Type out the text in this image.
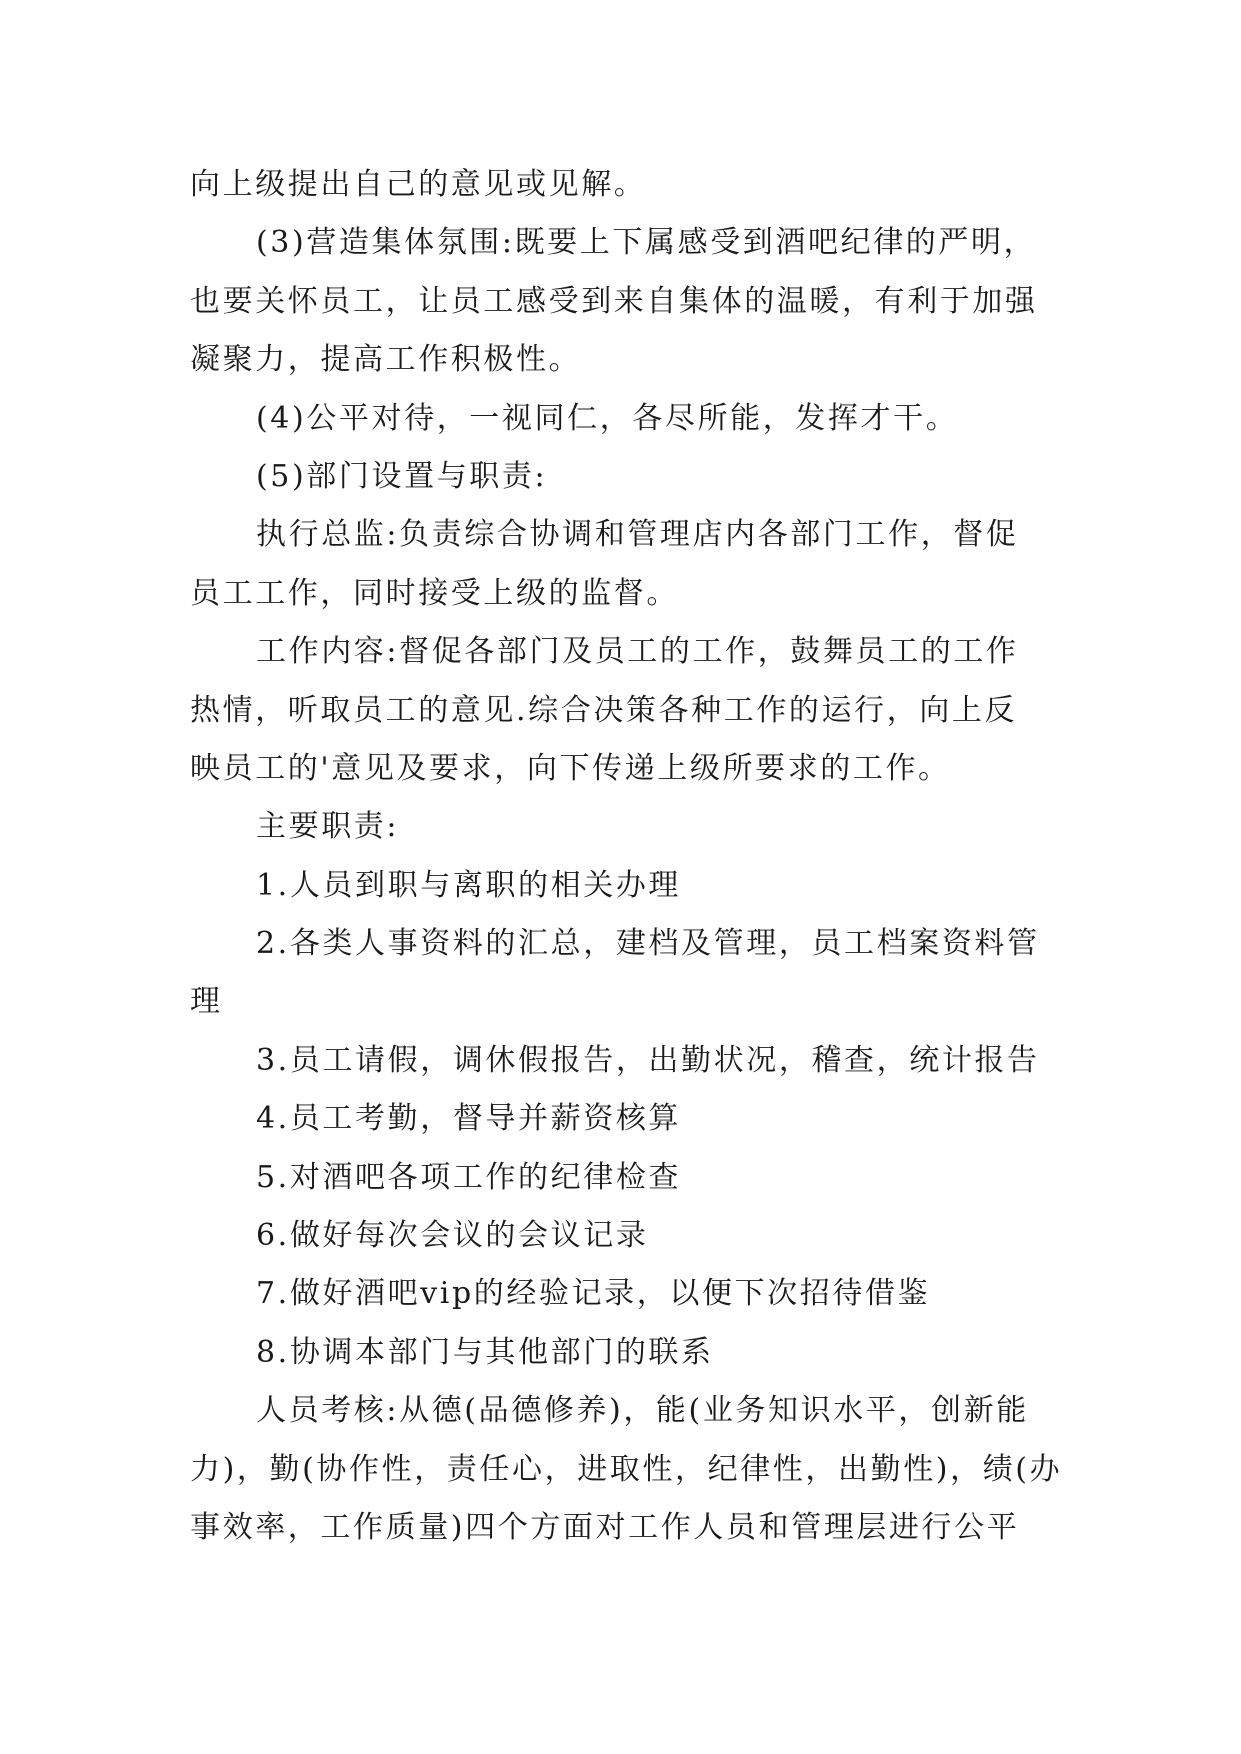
向上级提出自己的意见或见解。
(3)营造集体氛围:既要上下属感受到酒吧纪律的严明，
也要关怀员工，让员工感受到来自集体的温暖，有利于加强
凝聚力，提高工作积极性。
(4)公平对待，一视同仁，各尽所能，发挥才干。
(5)部门设置与职责:
执行总监:负责综合协调和管理店内各部门工作，督促
员工工作，同时接受上级的监督。
工作内容:督促各部门及员工的工作，鼓舞员工的工作
热情，听取员工的意见.综合决策各种工作的运行，向上反
映员工的'意见及要求，向下传递上级所要求的工作。
主要职责:
1.人员到职与离职的相关办理
2.各类人事资料的汇总，建档及管理，员工档案资料管
理
3.员工请假，调休假报告，出勤状况，稽查，统计报告
4.员工考勤，督导并薪资核算
5.对酒吧各项工作的纪律检查
6.做好每次会议的会议记录
7.做好酒吧vip的经验记录，以便下次招待借鉴
8.协调本部门与其他部门的联系
人员考核:从德(品德修养)，能(业务知识水平，创新能
力)，勤(协作性，责任心，进取性，纪律性，出勤性)，绩(办
事效率，工作质量)四个方面对工作人员和管理层进行公平
